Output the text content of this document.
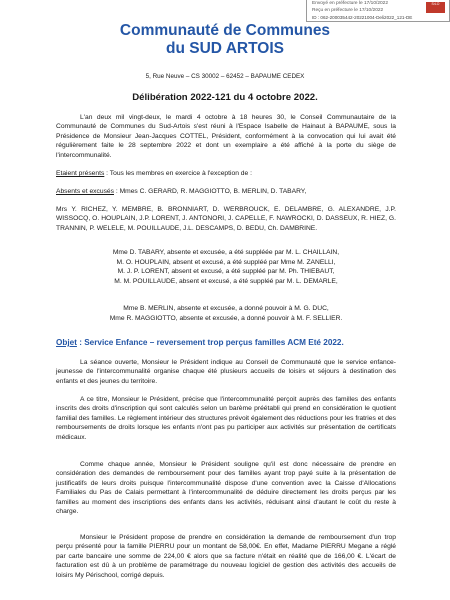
Envoyé en préfecture le 17/10/2022
Reçu en préfecture le 17/10/2022
ID : 062-200035442-20221004-Deli2022_121-DE
S²LO
Communauté de Communes
du SUD ARTOIS
5, Rue Neuve – CS 30002 – 62452 – BAPAUME CEDEX
Délibération 2022-121 du 4 octobre 2022.

L'an deux mil vingt-deux, le mardi 4 octobre à 18 heures 30, le Conseil Communautaire de la Communauté de Communes du Sud-Artois s'est réuni à l'Espace Isabelle de Hainaut à BAPAUME, sous la Présidence de Monsieur Jean-Jacques COTTEL, Président, conformément à la convocation qui lui avait été régulièrement faite le 28 septembre 2022 et dont un exemplaire a été affiché à la porte du siège de l'intercommunalité.

Etaient présents : Tous les membres en exercice à l'exception de :

Absents et excusés : Mmes C. GERARD, R. MAGGIOTTO, B. MERLIN, D. TABARY,

Mrs Y. RICHEZ, Y. MEMBRE, B. BRONNIART, D. WERBROUCK, E. DELAMBRE, G. ALEXANDRE, J.P. WISSOCQ, O. HOUPLAIN, J.P. LORENT, J. ANTONORI, J. CAPELLE, F. NAWROCKI, D. DASSEUX, R. HIEZ, G. TRANNIN, P. WELELE, M. POUILLAUDE, J.L. DESCAMPS, D. BEDU, Ch. DAMBRINE.

Mme D. TABARY, absente et excusée, a été suppléée par M. L. CHAILLAIN,

M. O. HOUPLAIN, absent et excusé, a été suppléé par Mme M. ZANELLI,

M. J. P. LORENT, absent et excusé, a été suppléé par M. Ph. THIEBAUT,

M. M. POUILLAUDE, absent et excusé, a été suppléé par M. L. DEMARLE,

Mme B. MERLIN, absente et excusée, a donné pouvoir à M. G. DUC,

Mme R. MAGGIOTTO, absente et excusée, a donné pouvoir à M. F. SELLIER.

Objet : Service Enfance – reversement trop perçus familles ACM Eté 2022.

La séance ouverte, Monsieur le Président indique au Conseil de Communauté que le service enfance-jeunesse de l'intercommunalité organise chaque été plusieurs accueils de loisirs et séjours à destination des enfants et des jeunes du territoire.

A ce titre, Monsieur le Président, précise que l'intercommunalité perçoit auprès des familles des enfants inscrits des droits d'inscription qui sont calculés selon un barème préétabli qui prend en considération le quotient familial des familles. Le règlement intérieur des structures prévoit également des réductions pour les fratries et des remboursements de droits lorsque les enfants n'ont pas pu participer aux activités sur présentation de certificats médicaux.

Comme chaque année, Monsieur le Président souligne qu'il est donc nécessaire de prendre en considération des demandes de remboursement pour des familles ayant trop payé suite à la présentation de justificatifs de leurs droits puisque l'intercommunalité dispose d'une convention avec la Caisse d'Allocations Familiales du Pas de Calais permettant à l'intercommunalité de déduire directement les droits perçus par les familles au moment des inscriptions des enfants dans les activités, réduisant ainsi d'autant le coût du reste à charge.

Monsieur le Président propose de prendre en considération la demande de remboursement d'un trop perçu présenté pour la famille PIERRU pour un montant de 58,00€. En effet, Madame PIERRU Megane a réglé par carte bancaire une somme de 224,00 € alors que sa facture n'était en réalité que de 166,00 €. L'écart de facturation est dû à un problème de paramétrage du nouveau logiciel de gestion des activités des accueils de loisirs My Périschool, corrigé depuis.
